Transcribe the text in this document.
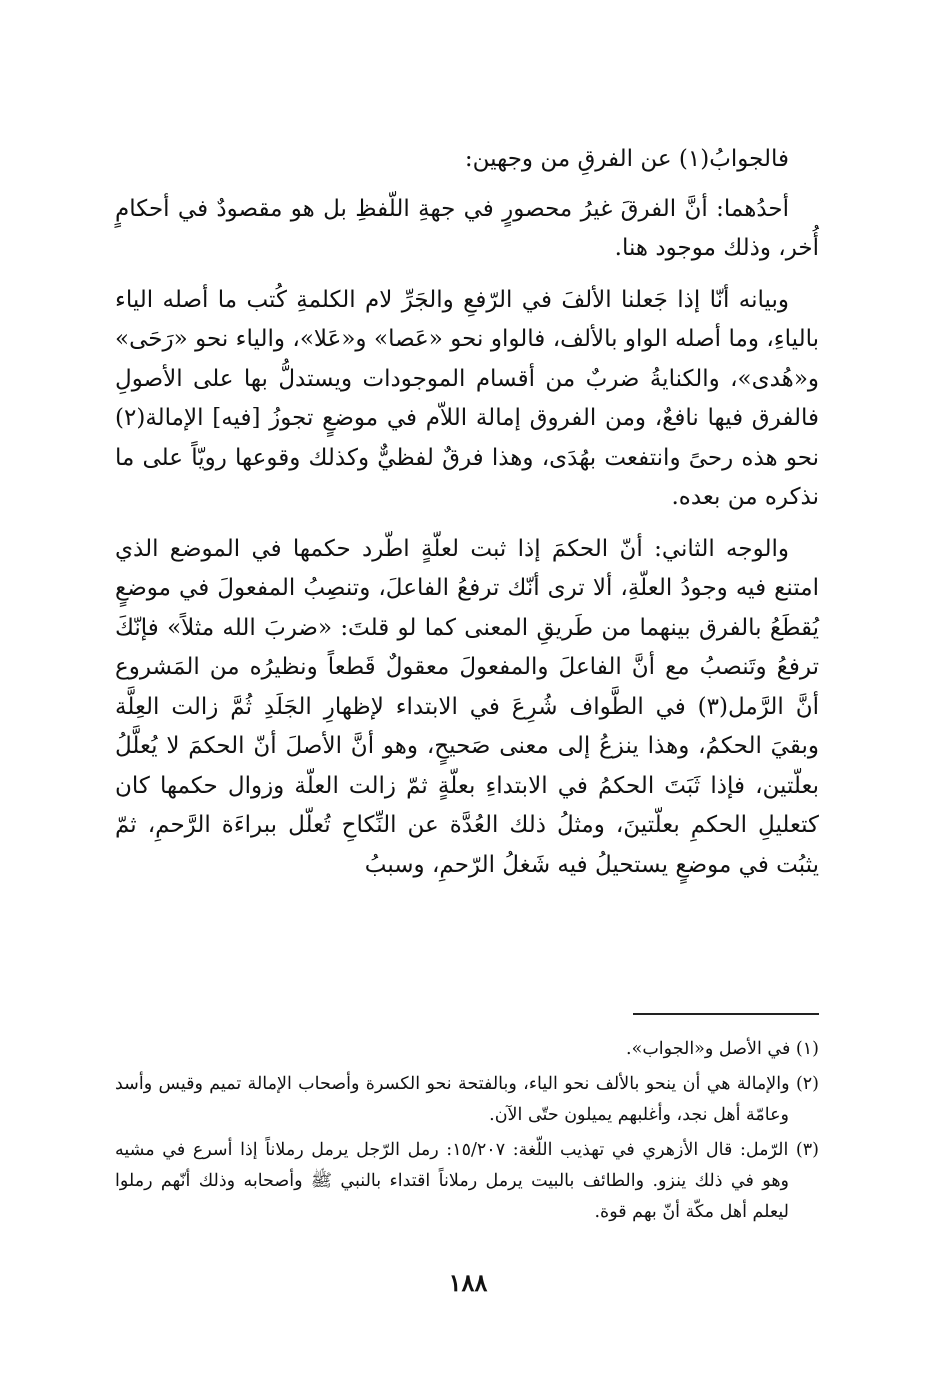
فالجوابُ(١) عن الفرقِ من وجهين:

أحدُهما: أنَّ الفرقَ غيرُ محصورٍ في جهةِ اللّفظِ بل هو مقصودٌ في أحكامٍ أُخر، وذلك موجود هنا.

وبيانه أنّا إذا جَعلنا الألفَ في الرّفعِ والجَرِّ لام الكلمةِ كُتب ما أصله الياء بالياءِ، وما أصله الواو بالألف، فالواو نحو «عَصا» و«عَلا»، والياء نحو «رَحَى» و«هُدى»، والكنايةُ ضربٌ من أقسام الموجودات ويستدلُّ بها على الأصولِ فالفرق فيها نافعٌ، ومن الفروق إمالة اللاّم في موضعٍ تجوزُ [فيه] الإمالة(٢) نحو هذه رحىً وانتفعت بهُدَى، وهذا فرقٌ لفظيٌّ وكذلك وقوعها رويّاً على ما نذكره من بعده.

والوجه الثاني: أنّ الحكمَ إذا ثبت لعلّةٍ اطّرد حكمها في الموضع الذي امتنع فيه وجودُ العلّةِ، ألا ترى أنّك ترفعُ الفاعلَ، وتنصِبُ المفعولَ في موضعٍ يُقطَعُ بالفرق بينهما من طَريقِ المعنى كما لو قلتَ: «ضربَ الله مثلاً» فإنّكَ ترفعُ وتَنصبُ مع أنَّ الفاعلَ والمفعولَ معقولٌ قَطعاً ونظيرُه من المَشروع أنَّ الرَّمل(٣) في الطَّواف شُرِعَ في الابتداء لإظهارِ الجَلَدِ ثُمَّ زالت العِلَّة وبقيَ الحكمُ، وهذا ينزعُ إلى معنى صَحيحٍ، وهو أنَّ الأصلَ أنّ الحكمَ لا يُعلَّلُ بعلّتين، فإذا ثَبَتَ الحكمُ في الابتداءِ بعلّةٍ ثمّ زالت العلّة وزوال حكمها كان كتعليلِ الحكمِ بعلّتينَ، ومثلُ ذلك العُدَّة عن النِّكاحِ تُعلّل ببراءَة الرَّحمِ، ثمّ يثبُت في موضعٍ يستحيلُ فيه شَغلُ الرّحمِ، وسببُ

(١) في الأصل و«الجواب».

(٢) والإمالة هي أن ينحو بالألف نحو الياء، وبالفتحة نحو الكسرة وأصحاب الإمالة تميم وقيس وأسد وعامّة أهل نجد، وأغلبهم يميلون حتّى الآن.

(٣) الرّمل: قال الأزهري في تهذيب اللّغة: ١٥/٢٠٧: رمل الرّجل يرمل رملاناً إذا أسرع في مشيه وهو في ذلك ينزو. والطائف بالبيت يرمل رملاناً اقتداء بالنبي ﷺ وأصحابه وذلك أنّهم رملوا ليعلم أهل مكّة أنّ بهم قوة.

١٨٨
